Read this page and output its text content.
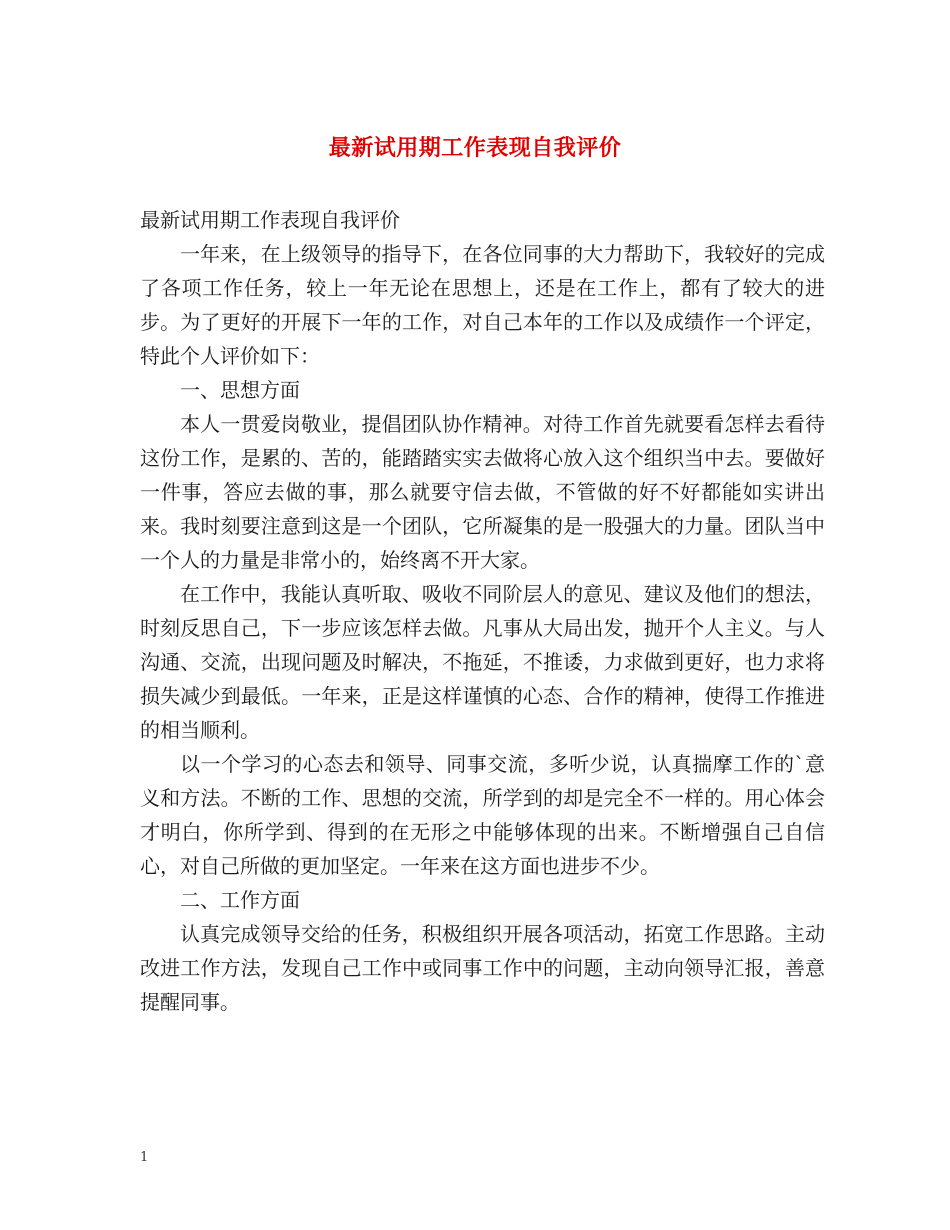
最新试用期工作表现自我评价

最新试用期工作表现自我评价

一年来，在上级领导的指导下，在各位同事的大力帮助下，我较好的完成了各项工作任务，较上一年无论在思想上，还是在工作上，都有了较大的进步。为了更好的开展下一年的工作，对自己本年的工作以及成绩作一个评定，特此个人评价如下：

一、思想方面

本人一贯爱岗敬业，提倡团队协作精神。对待工作首先就要看怎样去看待这份工作，是累的、苦的，能踏踏实实去做将心放入这个组织当中去。要做好一件事，答应去做的事，那么就要守信去做，不管做的好不好都能如实讲出来。我时刻要注意到这是一个团队，它所凝集的是一股强大的力量。团队当中一个人的力量是非常小的，始终离不开大家。

在工作中，我能认真听取、吸收不同阶层人的意见、建议及他们的想法，时刻反思自己，下一步应该怎样去做。凡事从大局出发，抛开个人主义。与人沟通、交流，出现问题及时解决，不拖延，不推诿，力求做到更好，也力求将损失减少到最低。一年来，正是这样谨慎的心态、合作的精神，使得工作推进的相当顺利。

以一个学习的心态去和领导、同事交流，多听少说，认真揣摩工作的`意义和方法。不断的工作、思想的交流，所学到的却是完全不一样的。用心体会才明白，你所学到、得到的在无形之中能够体现的出来。不断增强自己自信心，对自己所做的更加坚定。一年来在这方面也进步不少。

二、工作方面

认真完成领导交给的任务，积极组织开展各项活动，拓宽工作思路。主动改进工作方法，发现自己工作中或同事工作中的问题，主动向领导汇报，善意提醒同事。

1
